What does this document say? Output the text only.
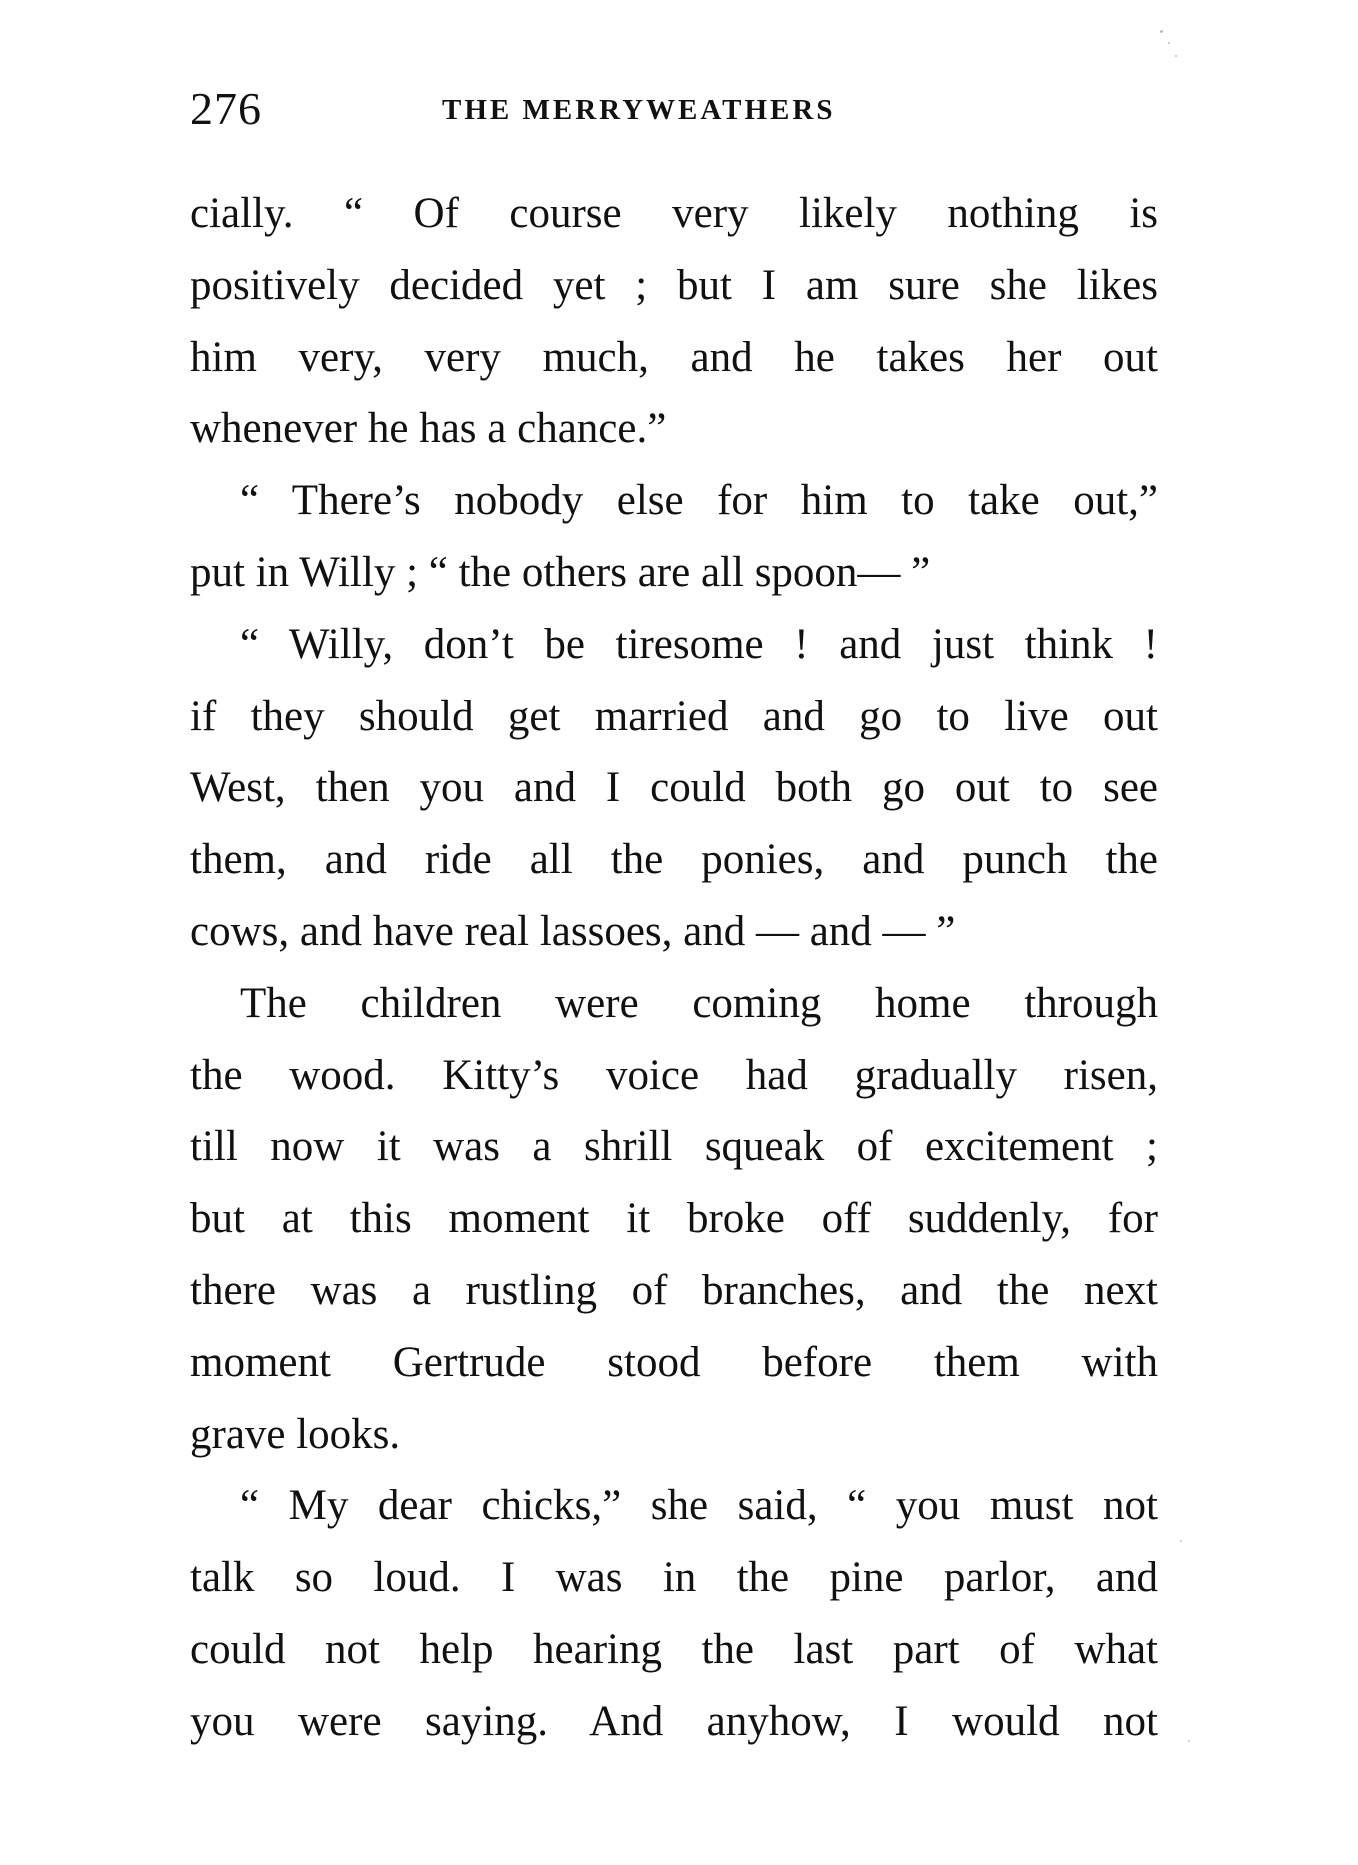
276	THE MERRYWEATHERS
cially. “ Of course very likely nothing is
positively decided yet ; but I am sure she likes
him very, very much, and he takes her out
whenever he has a chance.”
“ There’s nobody else for him to take out,”
put in Willy ; “ the others are all spoon— ”
“ Willy, don’t be tiresome ! and just think !
if they should get married and go to live out
West, then you and I could both go out to see
them, and ride all the ponies, and punch the
cows, and have real lassoes, and — and — ”
The children were coming home through
the wood. Kitty’s voice had gradually risen,
till now it was a shrill squeak of excitement ;
but at this moment it broke off suddenly, for
there was a rustling of branches, and the next
moment Gertrude stood before them with
grave looks.
“ My dear chicks,” she said, “ you must not
talk so loud. I was in the pine parlor, and
could not help hearing the last part of what
you were saying. And anyhow, I would not
